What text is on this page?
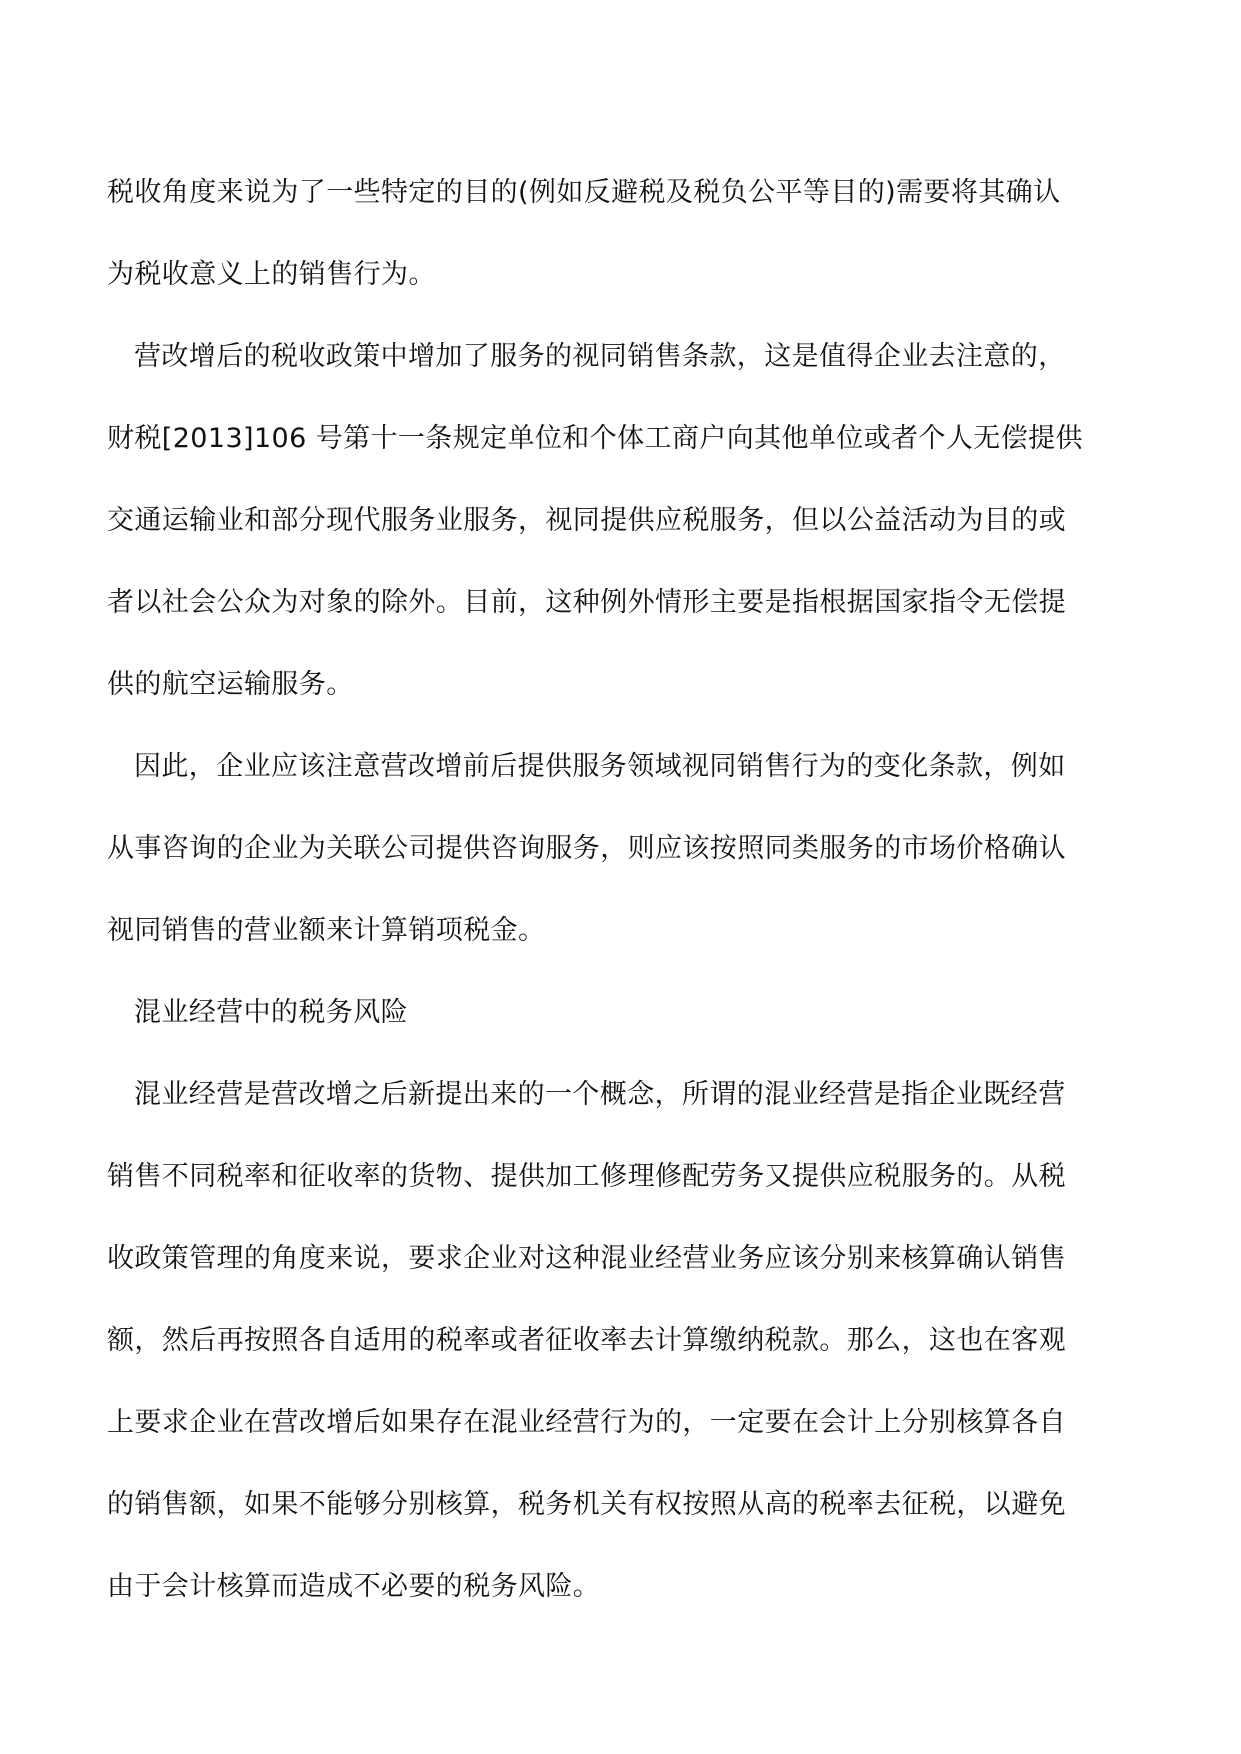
税收角度来说为了一些特定的目的(例如反避税及税负公平等目的)需要将其确认
为税收意义上的销售行为。
营改增后的税收政策中增加了服务的视同销售条款，这是值得企业去注意的，
财税[2013]106 号第十一条规定单位和个体工商户向其他单位或者个人无偿提供
交通运输业和部分现代服务业服务，视同提供应税服务，但以公益活动为目的或
者以社会公众为对象的除外。目前，这种例外情形主要是指根据国家指令无偿提
供的航空运输服务。
因此，企业应该注意营改增前后提供服务领域视同销售行为的变化条款，例如
从事咨询的企业为关联公司提供咨询服务，则应该按照同类服务的市场价格确认
视同销售的营业额来计算销项税金。
混业经营中的税务风险
混业经营是营改增之后新提出来的一个概念，所谓的混业经营是指企业既经营
销售不同税率和征收率的货物、提供加工修理修配劳务又提供应税服务的。从税
收政策管理的角度来说，要求企业对这种混业经营业务应该分别来核算确认销售
额，然后再按照各自适用的税率或者征收率去计算缴纳税款。那么，这也在客观
上要求企业在营改增后如果存在混业经营行为的，一定要在会计上分别核算各自
的销售额，如果不能够分别核算，税务机关有权按照从高的税率去征税，以避免
由于会计核算而造成不必要的税务风险。
